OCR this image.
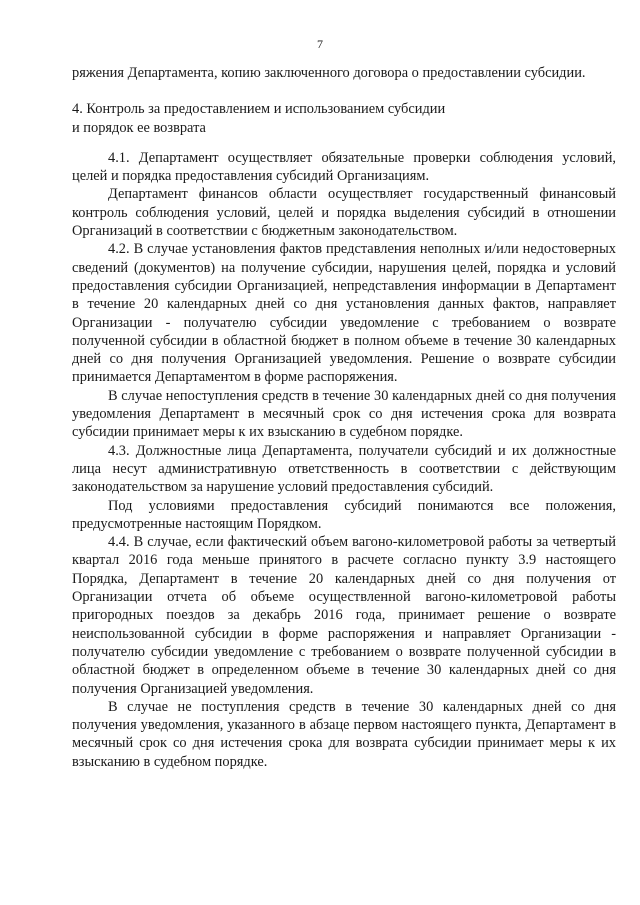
7

ряжения Департамента, копию заключенного договора о предоставлении субсидии.

4. Контроль за предоставлением и использованием субсидии
и порядок ее возврата

4.1. Департамент осуществляет обязательные проверки соблюдения условий, целей и порядка предоставления субсидий Организациям.

Департамент финансов области осуществляет государственный финансовый контроль соблюдения условий, целей и порядка выделения субсидий в отношении Организаций в соответствии с бюджетным законодательством.

4.2. В случае установления фактов представления неполных и/или недостоверных сведений (документов) на получение субсидии, нарушения целей, порядка и условий предоставления субсидии Организацией, непредставления информации в Департамент в течение 20 календарных дней со дня установления данных фактов, направляет Организации - получателю субсидии уведомление с требованием о возврате полученной субсидии в областной бюджет в полном объеме в течение 30 календарных дней со дня получения Организацией уведомления. Решение о возврате субсидии принимается Департаментом в форме распоряжения.

В случае непоступления средств в течение 30 календарных дней со дня получения уведомления Департамент в месячный срок со дня истечения срока для возврата субсидии принимает меры к их взысканию в судебном порядке.

4.3. Должностные лица Департамента, получатели субсидий и их должностные лица несут административную ответственность в соответствии с действующим законодательством за нарушение условий предоставления субсидий.

Под условиями предоставления субсидий понимаются все положения, предусмотренные настоящим Порядком.

4.4. В случае, если фактический объем вагоно-километровой работы за четвертый квартал 2016 года меньше принятого в расчете согласно пункту 3.9 настоящего Порядка, Департамент в течение 20 календарных дней со дня получения от Организации отчета об объеме осуществленной вагоно-километровой работы пригородных поездов за декабрь 2016 года, принимает решение о возврате неиспользованной субсидии в форме распоряжения и направляет Организации - получателю субсидии уведомление с требованием о возврате полученной субсидии в областной бюджет в определенном объеме в течение 30 календарных дней со дня получения Организацией уведомления.

В случае не поступления средств в течение 30 календарных дней со дня получения уведомления, указанного в абзаце первом настоящего пункта, Департамент в месячный срок со дня истечения срока для возврата субсидии принимает меры к их взысканию в судебном порядке.
